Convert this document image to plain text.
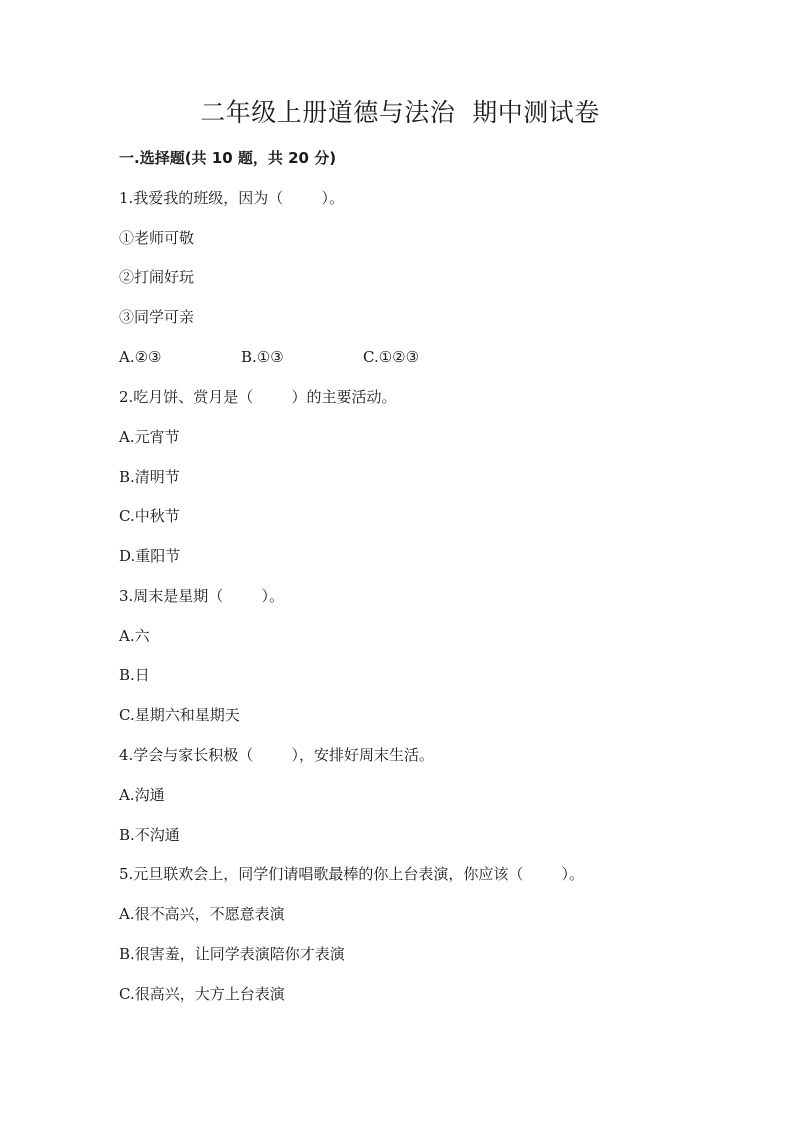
二年级上册道德与法治  期中测试卷
一.选择题(共 10 题，共 20 分)
1.我爱我的班级，因为（        ）。
①老师可敬
②打闹好玩
③同学可亲
A.②③	B.①③	C.①②③
2.吃月饼、赏月是（        ）的主要活动。
A.元宵节
B.清明节
C.中秋节
D.重阳节
3.周末是星期（        ）。
A.六
B.日
C.星期六和星期天
4.学会与家长积极（        ），安排好周末生活。
A.沟通
B.不沟通
5.元旦联欢会上，同学们请唱歌最棒的你上台表演，你应该（        ）。
A.很不高兴，不愿意表演
B.很害羞，让同学表演陪你才表演
C.很高兴，大方上台表演
